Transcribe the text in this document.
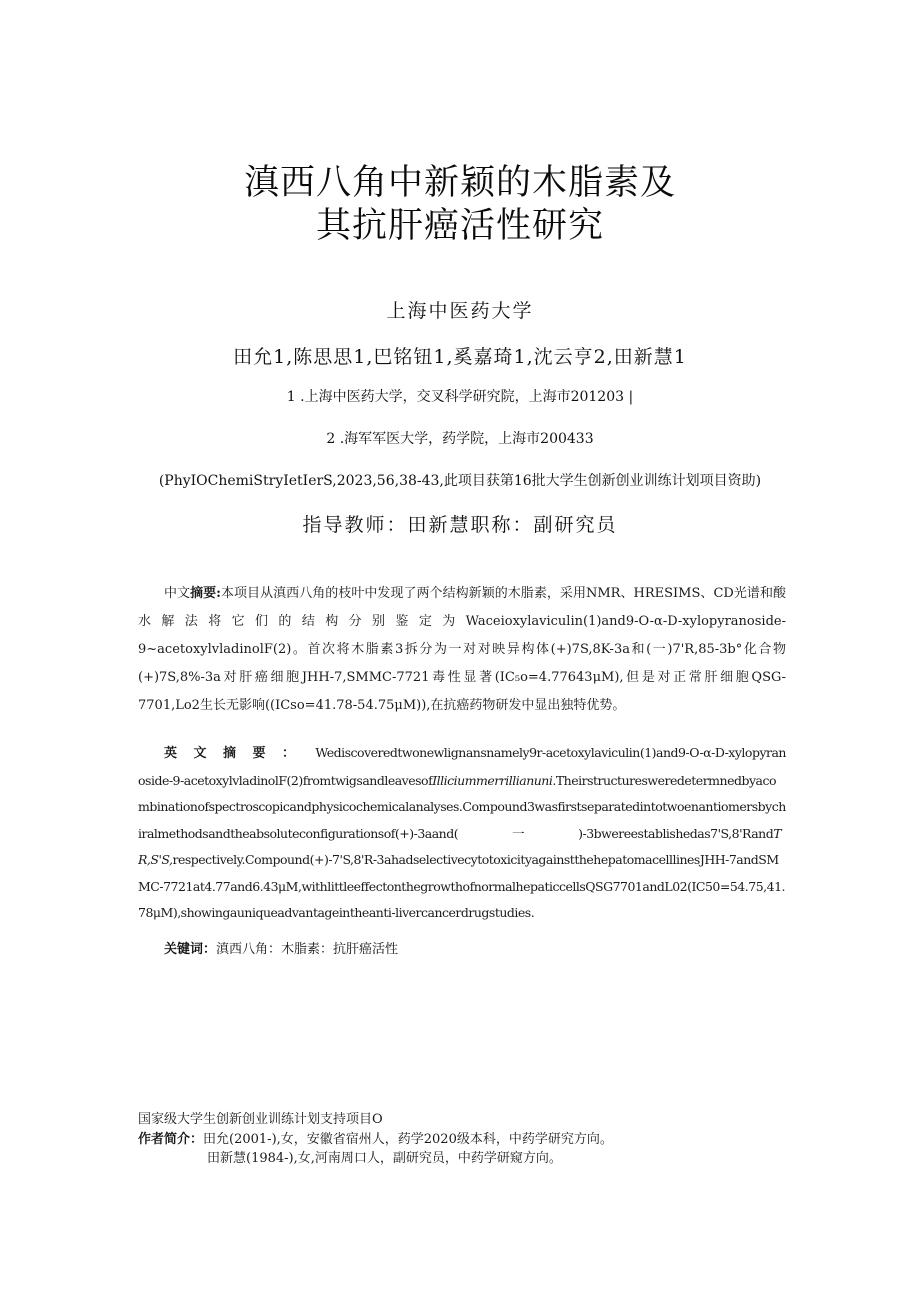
滇西八角中新颖的木脂素及
其抗肝癌活性研究
上海中医药大学
田允1,陈思思1,巴铭钮1,奚嘉琦1,沈云亨2,田新慧1
1 .上海中医药大学，交叉科学研究院，上海市201203 |
2 .海军军医大学，药学院，上海市200433
(PhyIOChemiStryIetIerS,2023,56,38-43,此项目获第16批大学生创新创业训练计划项目资助)
指导教师：田新慧职称：副研究员
中文摘要:本项目从滇西八角的枝叶中发现了两个结构新颖的木脂素，采用NMR、HRESIMS、CD光谱和酸水解法将它们的结构分别鉴定为Waceioxylaviculin(1)and9-O-α-D-xylopyranoside-9~acetoxylvladinolF(2)。首次将木脂素3拆分为一对对映异构体(+)7S,8K-3a和(一)7'R,85-3b°化合物(+)7S,8%-3a对肝癌细胞JHH-7,SMMC-7721毒性显著(IC₅o=4.77643μM),但是对正常肝细胞QSG-7701,Lo2生长无影响((ICso=41.78-54.75μM)),在抗癌药物研发中显出独特优势。
英文摘要： Wediscoveredtwonewlignansnamely9r-acetoxylaviculin(1)and9-O-α-D-xylopyranoside-9-acetoxylvladinolF(2)fromtwigsandleavesofIlliciummerrillianuni.Theirstructuresweredetermnedbyacombinationofspectroscopicandphysicochemicalanalyses.Compound3wasfirstseparatedintotwoenantiomersbychiralmethodsandtheabsoluteconfigurationsof(+)-3aand(	一	)-3bwereestablishedas7'S,8'RandTR,S'S,respectively.Compound(+)-7'S,8'R-3ahadselectivecytotoxicityagainstthehepatomacelllinesJHH-7andSMMC-7721at4.77and6.43μM,withlittleeffectonthegrowthofnormalhepaticcellsQSG7701andL02(IC50=54.75,41.78μM),showingauniqueadvantageintheanti-livercancerdrugstudies.
关键词：滇西八角：木脂素：抗肝癌活性
国家级大学生创新创业训练计划支持项目O
作者简介：田允(2001-),女，安徽省宿州人，药学2020级本科，中药学研究方向。
田新慧(1984-),女,河南周口人，副研究员，中药学研窥方向。
